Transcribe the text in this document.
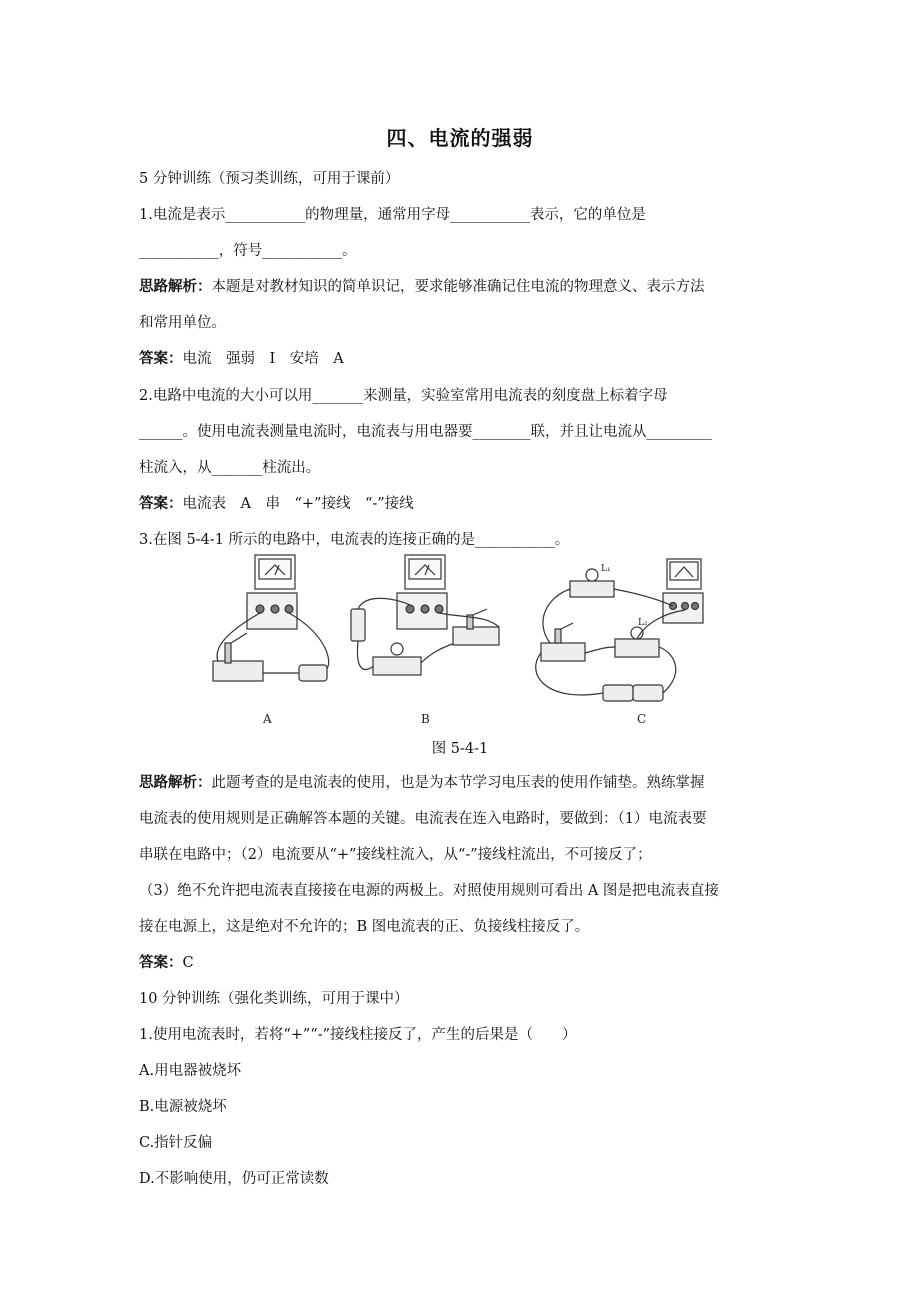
四、电流的强弱
5 分钟训练（预习类训练，可用于课前）
1.电流是表示___________的物理量，通常用字母___________表示，它的单位是
___________，符号___________。
思路解析：本题是对教材知识的简单识记，要求能够准确记住电流的物理意义、表示方法
和常用单位。
答案：电流　强弱　I　安培　A
2.电路中电流的大小可以用_______来测量，实验室常用电流表的刻度盘上标着字母
______。使用电流表测量电流时，电流表与用电器要________联，并且让电流从_________
柱流入，从_______柱流出。
答案：电流表　A　串　“+”接线　“-”接线
3.在图 5-4-1 所示的电路中，电流表的连接正确的是___________。
A	B	C
L₁
L₂
图 5-4-1
思路解析：此题考查的是电流表的使用，也是为本节学习电压表的使用作铺垫。熟练掌握
电流表的使用规则是正确解答本题的关键。电流表在连入电路时，要做到：（1）电流表要
串联在电路中；（2）电流要从“+”接线柱流入，从“-”接线柱流出，不可接反了；
（3）绝不允许把电流表直接接在电源的两极上。对照使用规则可看出 A 图是把电流表直接
接在电源上，这是绝对不允许的；B 图电流表的正、负接线柱接反了。
答案：C
10 分钟训练（强化类训练，可用于课中）
1.使用电流表时，若将“+”“-”接线柱接反了，产生的后果是（　　）
A.用电器被烧坏
B.电源被烧坏
C.指针反偏
D.不影响使用，仍可正常读数
